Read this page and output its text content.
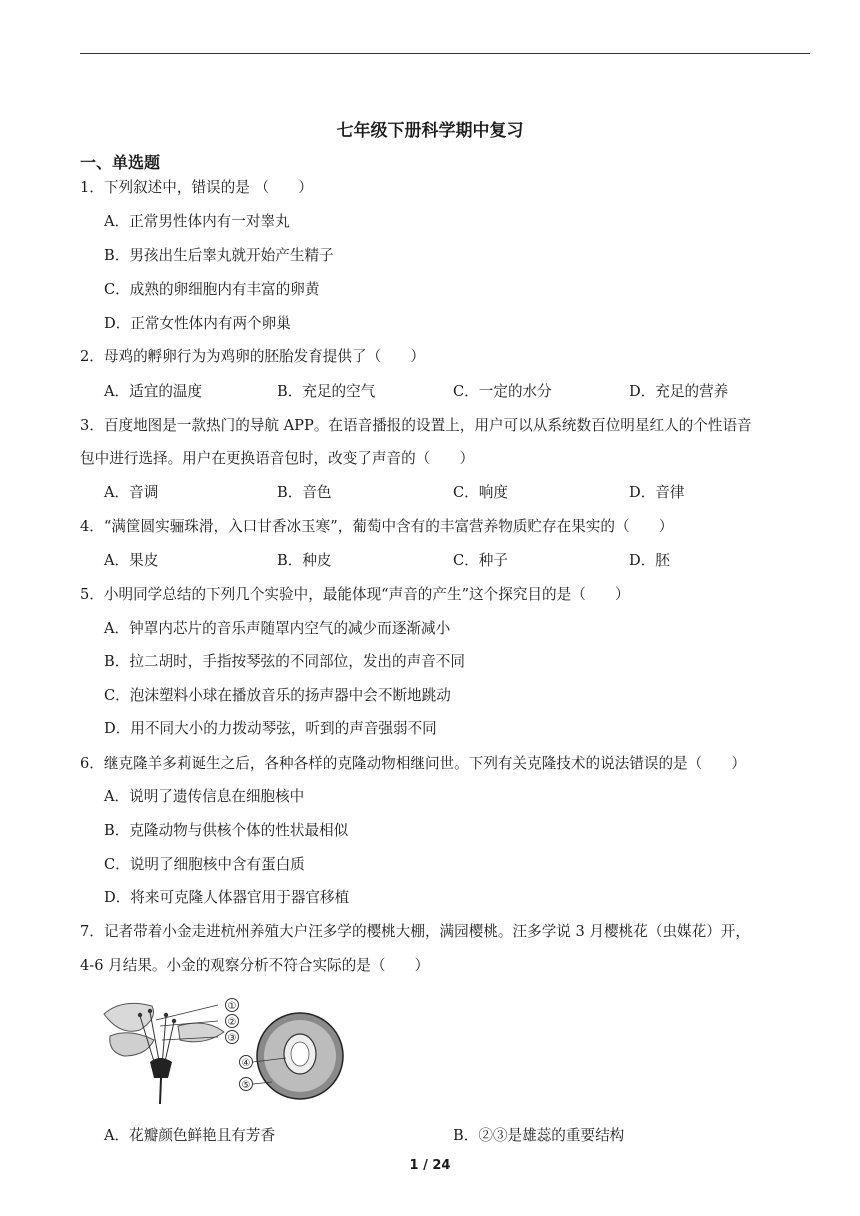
七年级下册科学期中复习
一、单选题
1．下列叙述中，错误的是 （　　）
A．正常男性体内有一对睾丸
B．男孩出生后睾丸就开始产生精子
C．成熟的卵细胞内有丰富的卵黄
D．正常女性体内有两个卵巢
2．母鸡的孵卵行为为鸡卵的胚胎发育提供了（　　）
A．适宜的温度	B．充足的空气	C．一定的水分	D．充足的营养
3．百度地图是一款热门的导航 APP。在语音播报的设置上，用户可以从系统数百位明星红人的个性语音
包中进行选择。用户在更换语音包时，改变了声音的（　　）
A．音调	B．音色	C．响度	D．音律
4．“满筐圆实骊珠滑，入口甘香冰玉寒”，葡萄中含有的丰富营养物质贮存在果实的（　　）
A．果皮	B．种皮	C．种子	D．胚
5．小明同学总结的下列几个实验中，最能体现“声音的产生”这个探究目的是（　　）
A．钟罩内芯片的音乐声随罩内空气的减少而逐渐减小
B．拉二胡时，手指按琴弦的不同部位，发出的声音不同
C．泡沫塑料小球在播放音乐的扬声器中会不断地跳动
D．用不同大小的力拨动琴弦，听到的声音强弱不同
6．继克隆羊多莉诞生之后，各种各样的克隆动物相继问世。下列有关克隆技术的说法错误的是（　　）
A．说明了遗传信息在细胞核中
B．克隆动物与供核个体的性状最相似
C．说明了细胞核中含有蛋白质
D．将来可克隆人体器官用于器官移植
7．记者带着小金走进杭州养殖大户汪多学的樱桃大棚，满园樱桃。汪多学说 3 月樱桃花（虫媒花）开，
4-6 月结果。小金的观察分析不符合实际的是（　　）
①
②
③
④
⑤
A．花瓣颜色鲜艳且有芳香	B．②③是雄蕊的重要结构
1 / 24
